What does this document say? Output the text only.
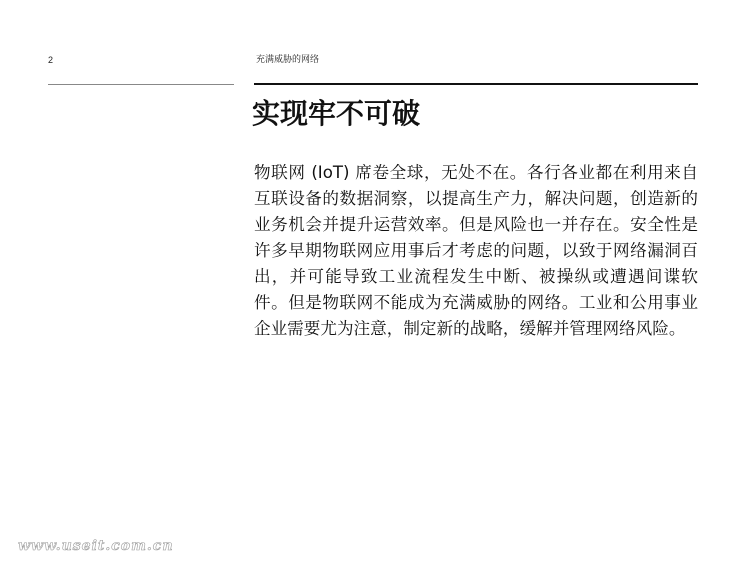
2	充满威胁的网络
实现牢不可破

物联网 (IoT) 席卷全球，无处不在。各行各业都在利用来自互联设备的数据洞察，以提高生产力，解决问题，创造新的业务机会并提升运营效率。但是风险也一并存在。安全性是许多早期物联网应用事后才考虑的问题，以致于网络漏洞百出，并可能导致工业流程发生中断、被操纵或遭遇间谍软件。但是物联网不能成为充满威胁的网络。工业和公用事业企业需要尤为注意，制定新的战略，缓解并管理网络风险。

www.useit.com.cn
